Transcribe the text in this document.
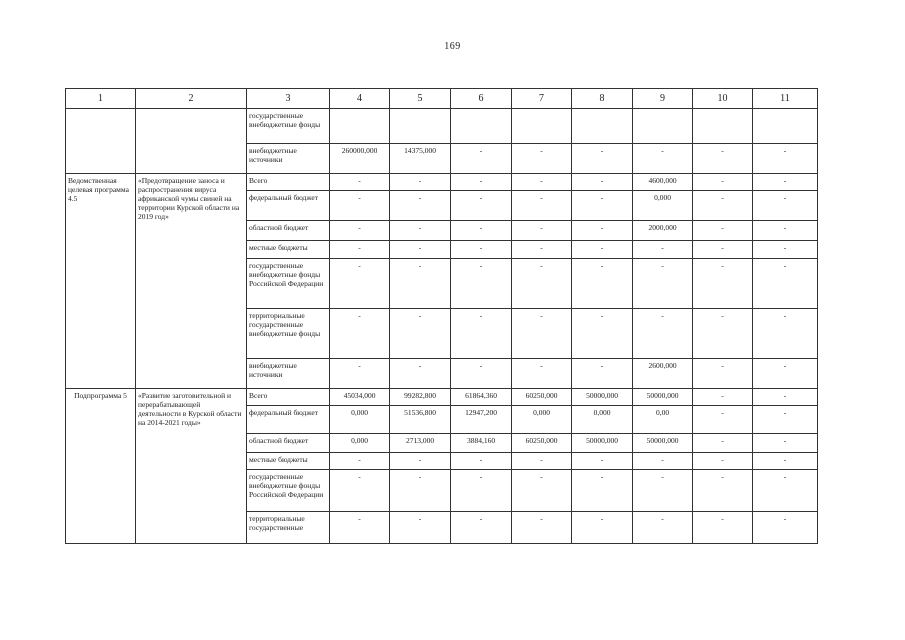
169
1	2	3	4	5	6	7	8	9	10	11
		государственные внебюджетные фонды								
		внебюджетные источники	260000,000	14375,000	-	-	-	-	-	-
Ведомственная целевая программа 4.5	«Предотвращение заноса и распространения вируса африканской чумы свиней на территории Курской области на 2019 год»	Всего	-	-	-	-	-	4600,000	-	-
		федеральный бюджет	-	-	-	-	-	0,000	-	-
		областной бюджет	-	-	-	-	-	2000,000	-	-
		местные бюджеты	-	-	-	-	-	-	-	-
		государственные внебюджетные фонды Российской Федерации	-	-	-	-	-	-	-	-
		территориальные государственные внебюджетные фонды	-	-	-	-	-	-	-	-
		внебюджетные источники	-	-	-	-	-	2600,000	-	-
Подпрограмма 5	«Развитие заготовительной и перерабатывающей деятельности в Курской области на 2014-2021 годы»	Всего	45034,000	99282,800	61864,360	60250,000	50000,000	50000,000	-	-
		федеральный бюджет	0,000	51536,800	12947,200	0,000	0,000	0,00	-	-
		областной бюджет	0,000	2713,000	3884,160	60250,000	50000,000	50000,000	-	-
		местные бюджеты	-	-	-	-	-	-	-	-
		государственные внебюджетные фонды Российской Федерации	-	-	-	-	-	-	-	-
		территориальные государственные	-	-	-	-	-	-	-	-
